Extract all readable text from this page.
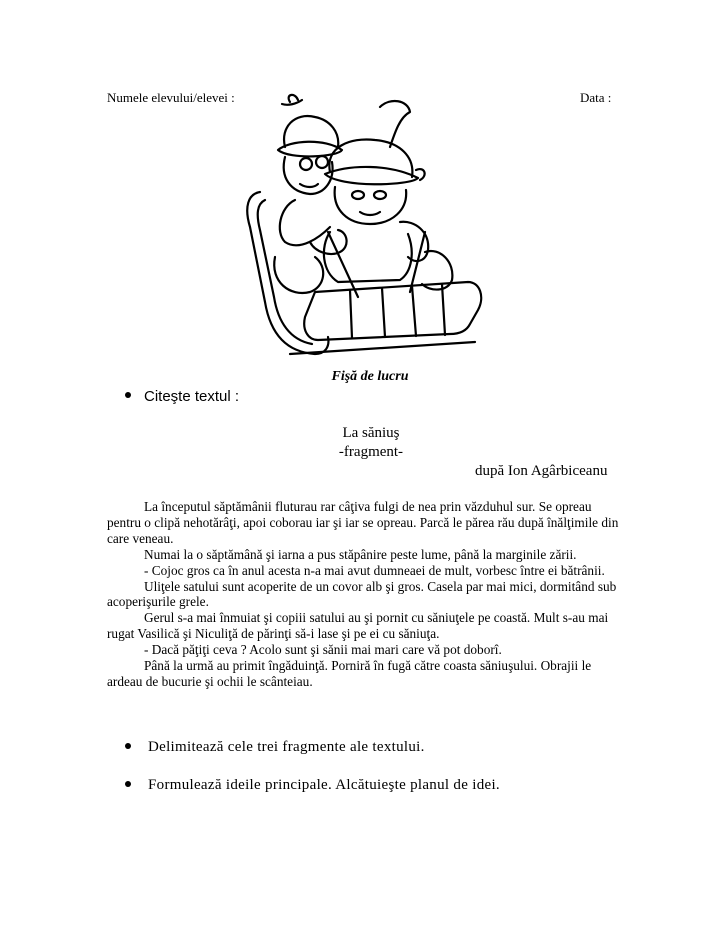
Numele elevului/elevei :	Data :
Fişă de lucru
Citeşte textul :
La săniuş
-fragment-
după Ion Agârbiceanu

La începutul săptămânii fluturau rar câţiva fulgi de nea prin văzduhul sur. Se opreau pentru o clipă nehotărâţi, apoi coborau iar şi iar se opreau. Parcă le părea rău după înălţimile din care veneau.

Numai la o săptămână şi iarna a pus stăpânire peste lume, până la marginile zării.

- Cojoc gros ca în anul acesta n-a mai avut dumneaei de mult, vorbesc între ei bătrânii.

Uliţele satului sunt acoperite de un covor alb şi gros. Casela par mai mici, dormitând sub acoperişurile grele.

Gerul s-a mai înmuiat şi copiii satului au şi pornit cu săniuţele pe coastă. Mult s-au mai rugat Vasilică şi Niculiţă de părinţi să-i lase şi pe ei cu săniuţa.

- Dacă păţiţi ceva ? Acolo sunt şi sănii mai mari care vă pot doborî.

Până la urmă au primit îngăduinţă. Porniră în fugă către coasta săniuşului. Obrajii le ardeau de bucurie şi ochii le scânteiau.

Delimitează cele trei fragmente ale textului.
Formulează ideile principale. Alcătuieşte planul de idei.
